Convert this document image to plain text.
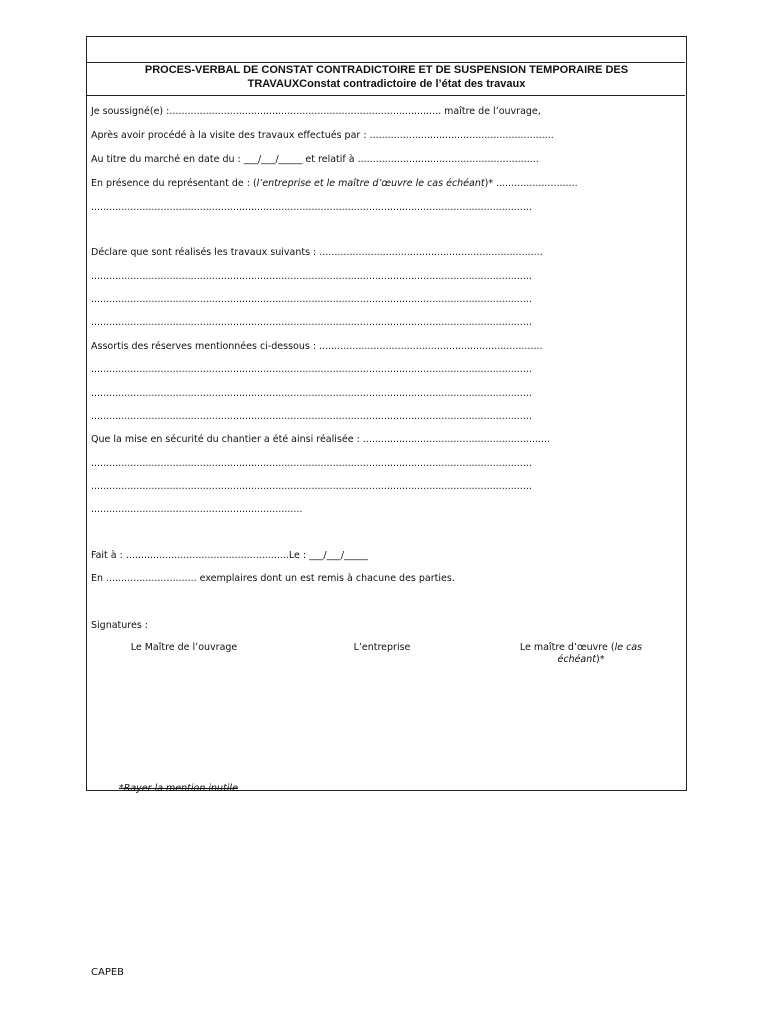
PROCES-VERBAL DE CONSTAT CONTRADICTOIRE ET DE SUSPENSION TEMPORAIRE DES
TRAVAUXConstat contradictoire de l’état des travaux
Je soussigné(e) :.......................................................................................... maître de l’ouvrage,
Après avoir procédé à la visite des travaux effectués par : .............................................................
Au titre du marché en date du : ___/___/_____ et relatif à ............................................................
En présence du représentant de : (l’entreprise et le maître d’œuvre le cas échéant)* ...........................
..................................................................................................................................................
Déclare que sont réalisés les travaux suivants : ..........................................................................
..................................................................................................................................................
..................................................................................................................................................
..................................................................................................................................................
Assortis des réserves mentionnées ci-dessous : ..........................................................................
..................................................................................................................................................
..................................................................................................................................................
..................................................................................................................................................
Que la mise en sécurité du chantier a été ainsi réalisée : ..............................................................
..................................................................................................................................................
..................................................................................................................................................
......................................................................
Fait à : ......................................................Le : ___/___/_____
En .............................. exemplaires dont un est remis à chacune des parties.
Signatures :
Le Maître de l’ouvrage	L’entreprise	Le maître d’œuvre (le cas
échéant)*
*Rayer la mention inutile
CAPEB
